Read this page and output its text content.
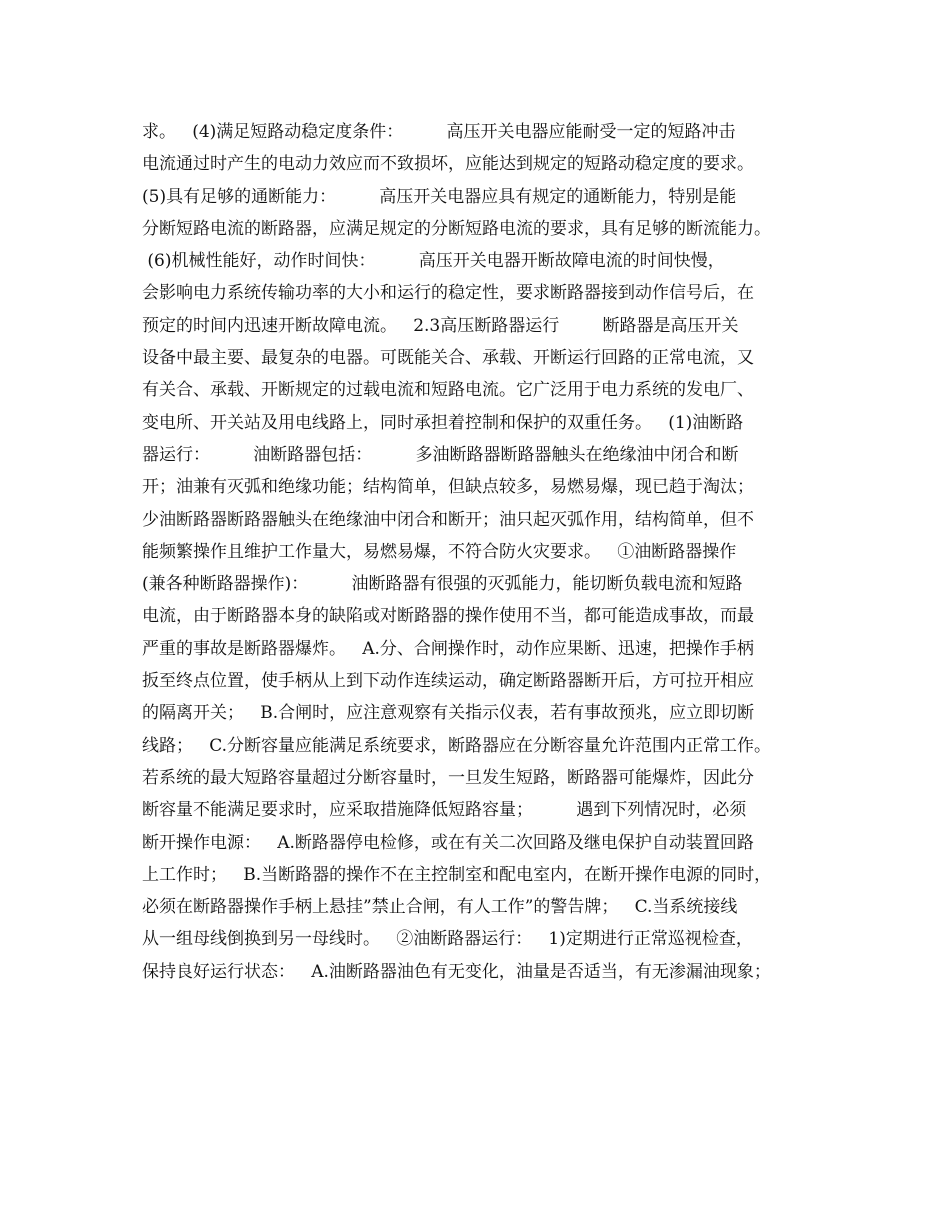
求。   (4)满足短路动稳定度条件：        高压开关电器应能耐受一定的短路冲击
电流通过时产生的电动力效应而不致损坏，应能达到规定的短路动稳定度的要求。
(5)具有足够的通断能力：        高压开关电器应具有规定的通断能力，特别是能
分断短路电流的断路器，应满足规定的分断短路电流的要求，具有足够的断流能力。
(6)机械性能好，动作时间快：        高压开关电器开断故障电流的时间快慢，
会影响电力系统传输功率的大小和运行的稳定性，要求断路器接到动作信号后，在
预定的时间内迅速开断故障电流。   2.3高压断路器运行        断路器是高压开关
设备中最主要、最复杂的电器。可既能关合、承载、开断运行回路的正常电流，又
有关合、承载、开断规定的过载电流和短路电流。它广泛用于电力系统的发电厂、
变电所、开关站及用电线路上，同时承担着控制和保护的双重任务。   (1)油断路
器运行：        油断路器包括：        多油断路器断路器触头在绝缘油中闭合和断
开；油兼有灭弧和绝缘功能；结构简单，但缺点较多，易燃易爆，现已趋于淘汰；
少油断路器断路器触头在绝缘油中闭合和断开；油只起灭弧作用，结构简单，但不
能频繁操作且维护工作量大，易燃易爆，不符合防火灾要求。   ①油断路器操作
(兼各种断路器操作)：        油断路器有很强的灭弧能力，能切断负载电流和短路
电流，由于断路器本身的缺陷或对断路器的操作使用不当，都可能造成事故，而最
严重的事故是断路器爆炸。   A.分、合闸操作时，动作应果断、迅速，把操作手柄
扳至终点位置，使手柄从上到下动作连续运动，确定断路器断开后，方可拉开相应
的隔离开关；   B.合闸时，应注意观察有关指示仪表，若有事故预兆，应立即切断
线路；   C.分断容量应能满足系统要求，断路器应在分断容量允许范围内正常工作。
若系统的最大短路容量超过分断容量时，一旦发生短路，断路器可能爆炸，因此分
断容量不能满足要求时，应采取措施降低短路容量；        遇到下列情况时，必须
断开操作电源：   A.断路器停电检修，或在有关二次回路及继电保护自动装置回路
上工作时；   B.当断路器的操作不在主控制室和配电室内，在断开操作电源的同时，
必须在断路器操作手柄上悬挂”禁止合闸，有人工作”的警告牌；   C.当系统接线
从一组母线倒换到另一母线时。   ②油断路器运行：   1)定期进行正常巡视检查，
保持良好运行状态：   A.油断路器油色有无变化，油量是否适当，有无渗漏油现象；
